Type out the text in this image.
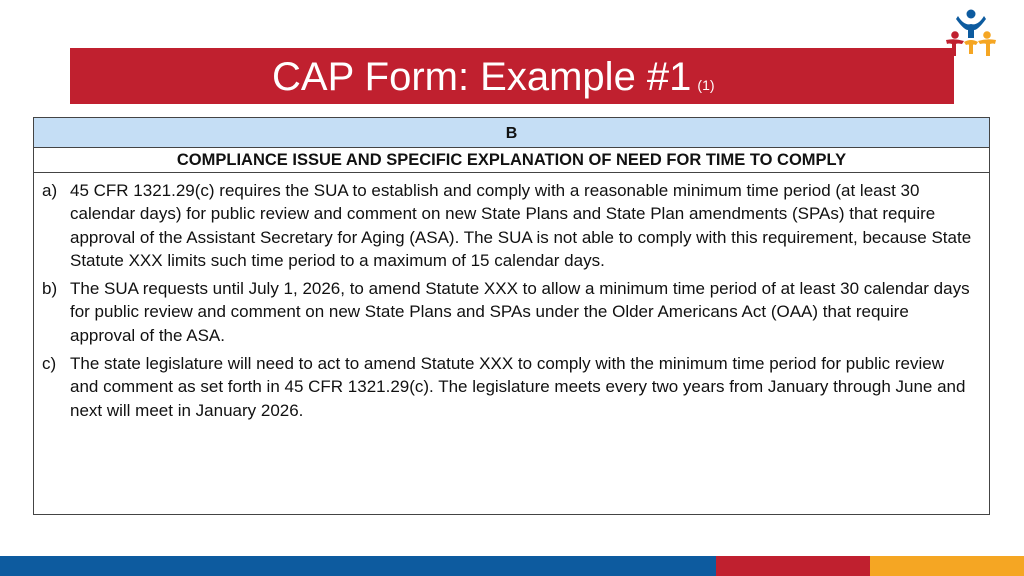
CAP Form: Example #1 (1)
B
COMPLIANCE ISSUE AND SPECIFIC EXPLANATION OF NEED FOR TIME TO COMPLY
a) 45 CFR 1321.29(c) requires the SUA to establish and comply with a reasonable minimum time period (at least 30 calendar days) for public review and comment on new State Plans and State Plan amendments (SPAs) that require approval of the Assistant Secretary for Aging (ASA). The SUA is not able to comply with this requirement, because State Statute XXX limits such time period to a maximum of 15 calendar days.
b) The SUA requests until July 1, 2026, to amend Statute XXX to allow a minimum time period of at least 30 calendar days for public review and comment on new State Plans and SPAs under the Older Americans Act (OAA) that require approval of the ASA.
c) The state legislature will need to act to amend Statute XXX to comply with the minimum time period for public review and comment as set forth in 45 CFR 1321.29(c). The legislature meets every two years from January through June and next will meet in January 2026.
